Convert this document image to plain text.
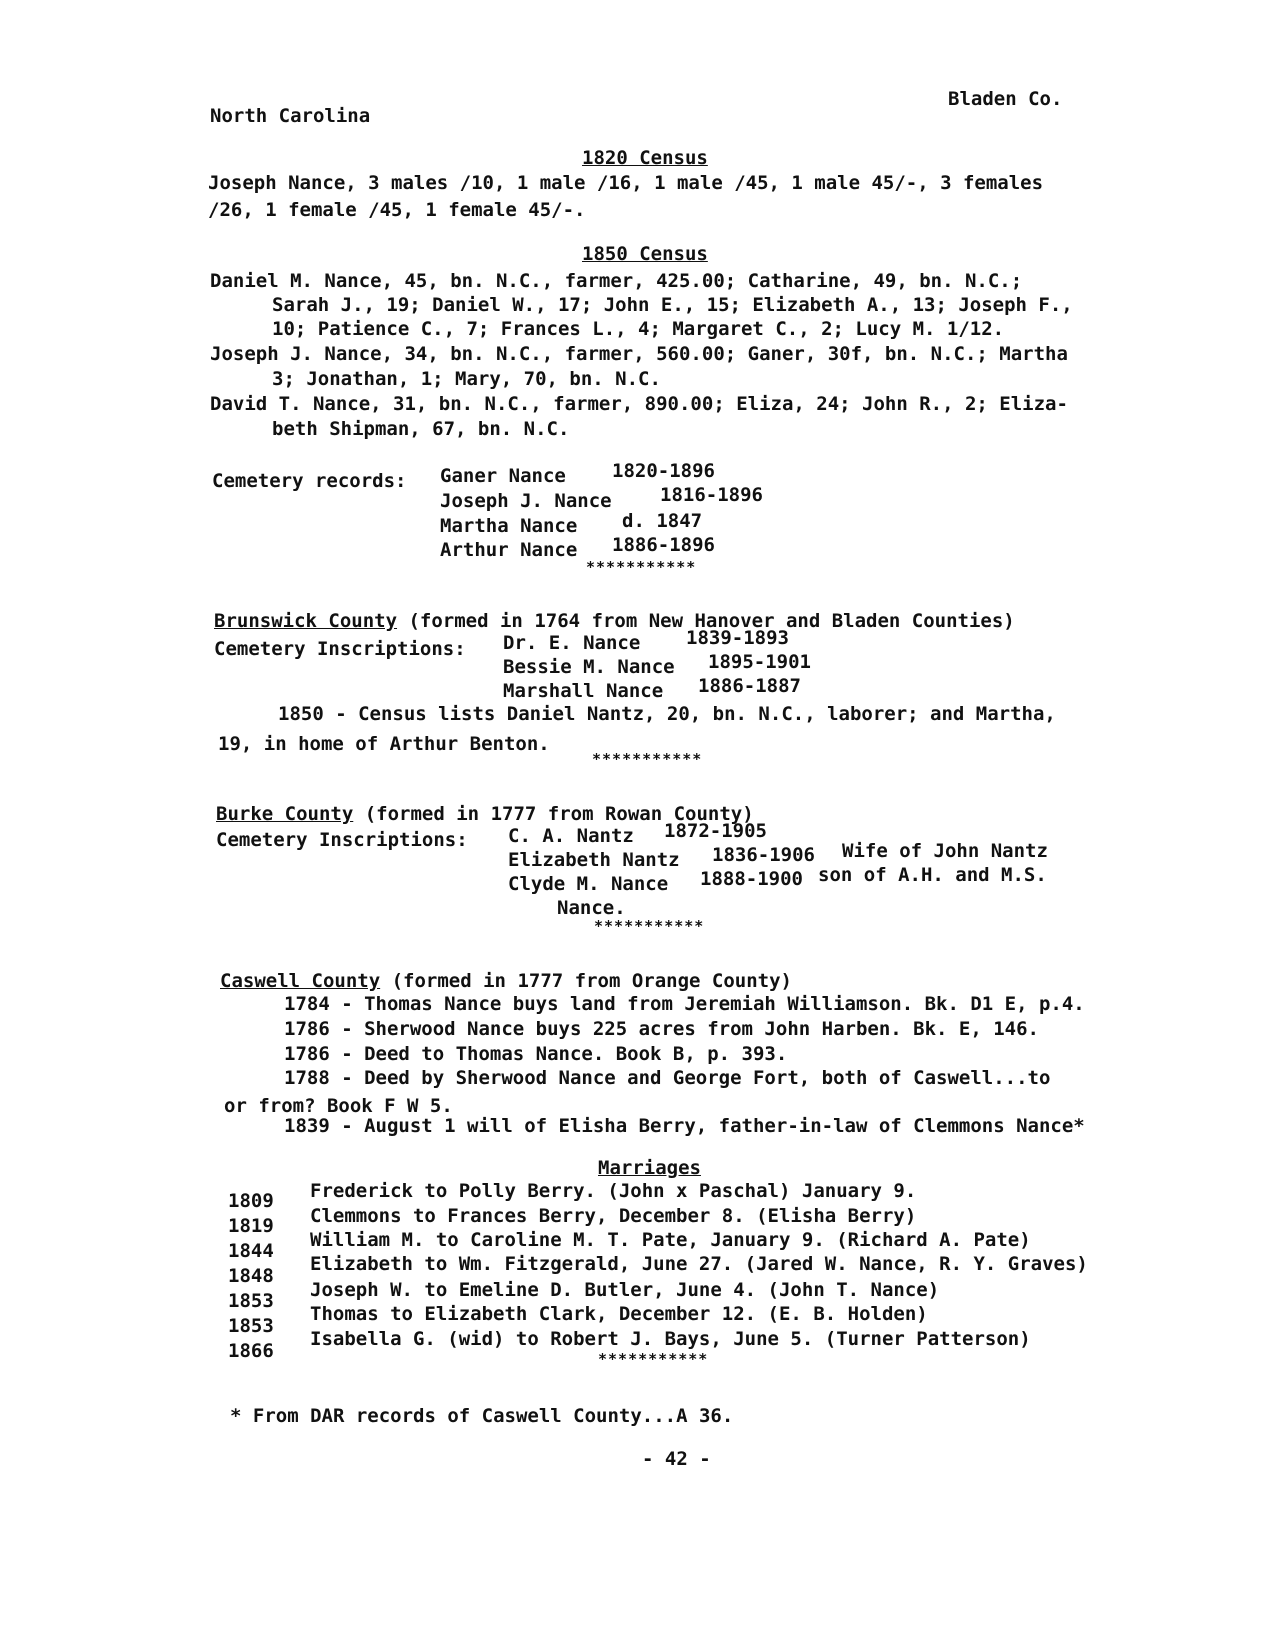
North Carolina
Bladen Co.
1820 Census
Joseph Nance, 3 males /10, 1 male /16, 1 male /45, 1 male 45/-, 3 females
/26, 1 female /45, 1 female 45/-.
1850 Census
Daniel M. Nance, 45, bn. N.C., farmer, 425.00; Catharine, 49, bn. N.C.;
Sarah J., 19; Daniel W., 17; John E., 15; Elizabeth A., 13; Joseph F.,
10; Patience C., 7; Frances L., 4; Margaret C., 2; Lucy M. 1/12.
Joseph J. Nance, 34, bn. N.C., farmer, 560.00; Ganer, 30f, bn. N.C.; Martha
3; Jonathan, 1; Mary, 70, bn. N.C.
David T. Nance, 31, bn. N.C., farmer, 890.00; Eliza, 24; John R., 2; Eliza-
beth Shipman, 67, bn. N.C.
Cemetery records: Ganer Nance 1820-1896
Joseph J. Nance	1816-1896
Martha Nance d. 1847
Arthur Nance 1886-1896
***********
Brunswick County (formed in 1764 from New Hanover and Bladen Counties)
Cemetery Inscriptions: Dr. E. Nance 1839-1893
Bessie M. Nance 1895-1901
Marshall Nance 1886-1887
1850 - Census lists Daniel Nantz, 20, bn. N.C., laborer; and Martha,
19, in home of Arthur Benton.
***********
Burke County (formed in 1777 from Rowan County)
Cemetery Inscriptions: C. A. Nantz 1872-1905
Elizabeth Nantz 1836-1906 Wife of John Nantz
Clyde M. Nance 1888-1900 son of A.H. and M.S.
Nance.
***********
Caswell County (formed in 1777 from Orange County)
1784 - Thomas Nance buys land from Jeremiah Williamson. Bk. D1 E, p.4.
1786 - Sherwood Nance buys 225 acres from John Harben. Bk. E, 146.
1786 - Deed to Thomas Nance. Book B, p. 393.
1788 - Deed by Sherwood Nance and George Fort, both of Caswell...to
or from? Book F W 5.
1839 - August 1 will of Elisha Berry, father-in-law of Clemmons Nance*
Marriages
1809 Frederick to Polly Berry. (John x Paschal) January 9.
1819 Clemmons to Frances Berry, December 8. (Elisha Berry)
1844 William M. to Caroline M. T. Pate, January 9. (Richard A. Pate)
1848
Elizabeth to Wm. Fitzgerald, June 27. (Jared W. Nance, R. Y. Graves)
1853 Joseph W. to Emeline D. Butler, June 4. (John T. Nance)
1853
Thomas to Elizabeth Clark, December 12. (E. B. Holden)
1866
Isabella G. (wid) to Robert J. Bays, June 5. (Turner Patterson)
***********
* From DAR records of Caswell County...A 36.
- 42 -
